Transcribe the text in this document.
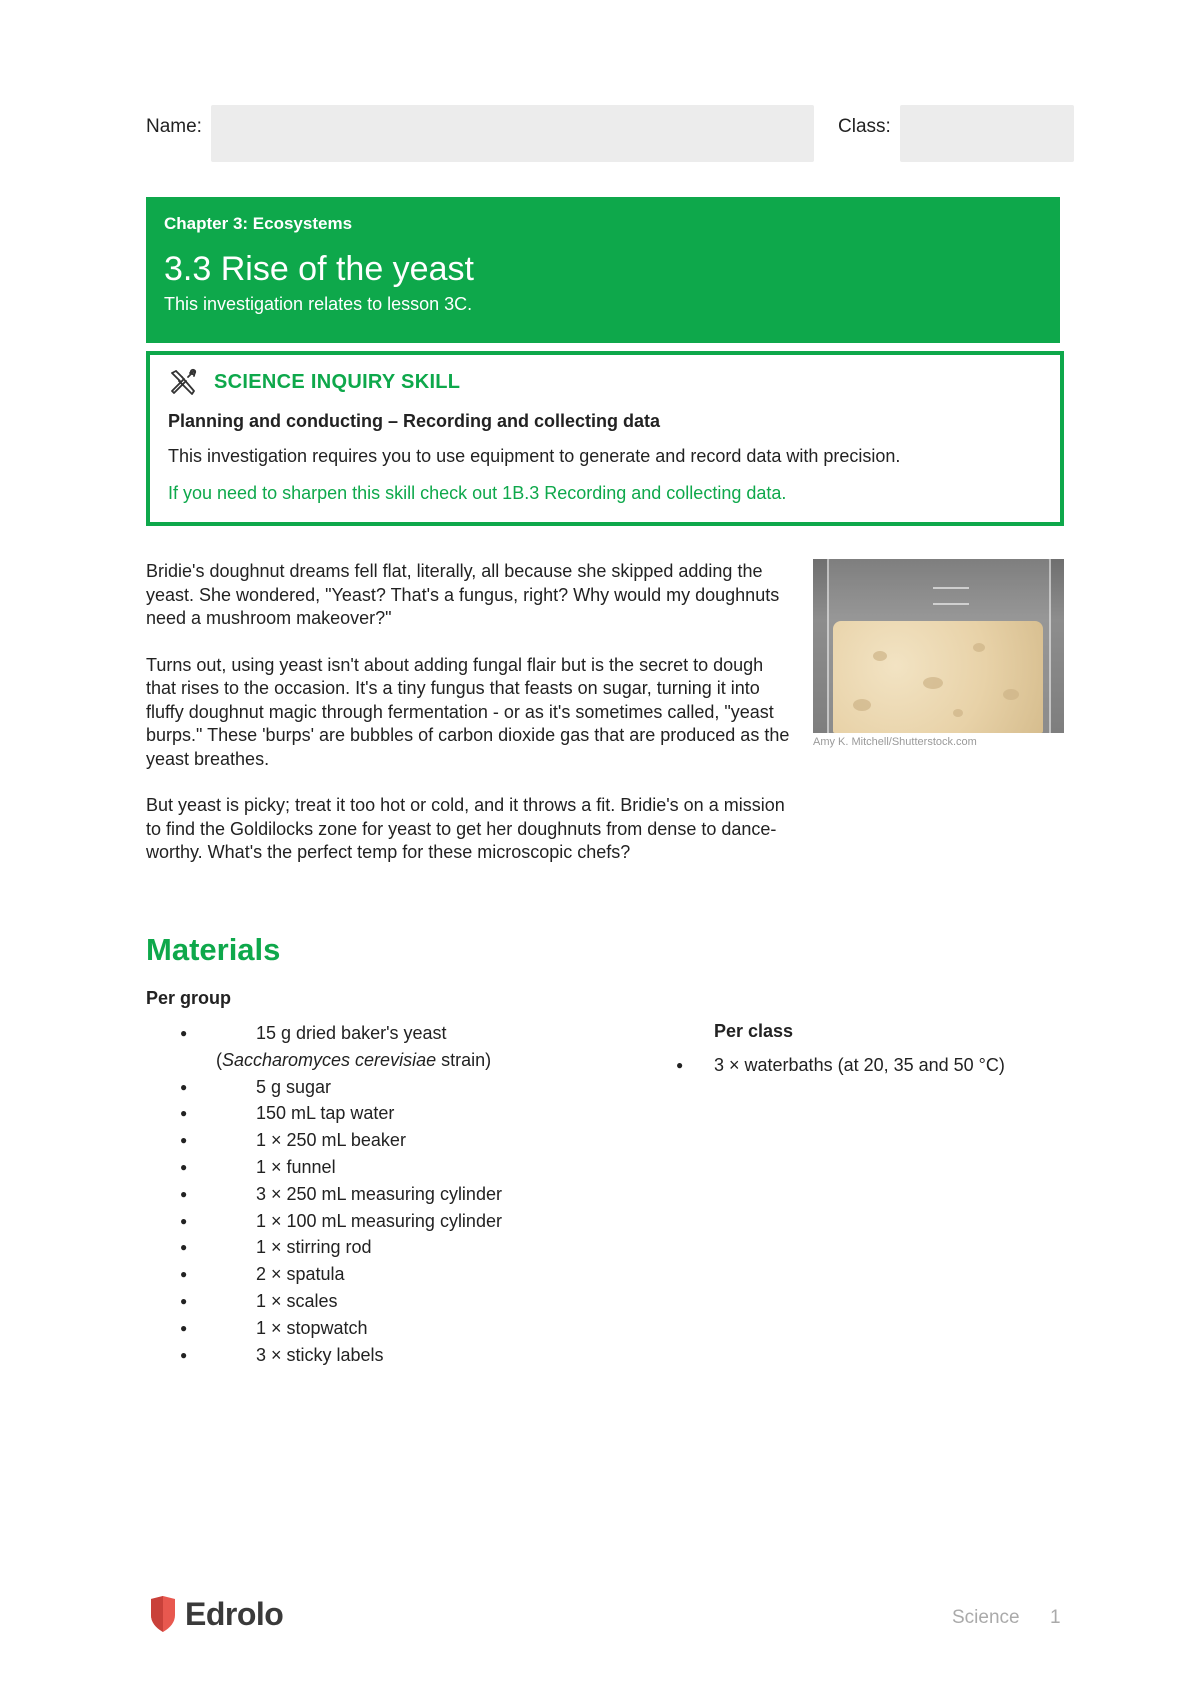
Name:	Class:
Chapter 3: Ecosystems
3.3 Rise of the yeast
This investigation relates to lesson 3C.
SCIENCE INQUIRY SKILL
Planning and conducting – Recording and collecting data
This investigation requires you to use equipment to generate and record data with precision.
If you need to sharpen this skill check out 1B.3 Recording and collecting data.

Bridie's doughnut dreams fell flat, literally, all because she skipped adding the yeast. She wondered, "Yeast? That's a fungus, right? Why would my doughnuts need a mushroom makeover?"

Turns out, using yeast isn't about adding fungal flair but is the secret to dough that rises to the occasion. It's a tiny fungus that feasts on sugar, turning it into fluffy doughnut magic through fermentation - or as it's sometimes called, "yeast burps." These 'burps' are bubbles of carbon dioxide gas that are produced as the yeast breathes.

But yeast is picky; treat it too hot or cold, and it throws a fit. Bridie's on a mission to find the Goldilocks zone for yeast to get her doughnuts from dense to dance-worthy. What's the perfect temp for these microscopic chefs?

Amy K. Mitchell/Shutterstock.com
Materials
Per group
● 15 g dried baker's yeast
(Saccharomyces cerevisiae strain)
● 5 g sugar
● 150 mL tap water
● 1 × 250 mL beaker
● 1 × funnel
● 3 × 250 mL measuring cylinder
● 1 × 100 mL measuring cylinder
● 1 × stirring rod
● 2 × spatula
● 1 × scales
● 1 × stopwatch
● 3 × sticky labels
Per class
● 3 × waterbaths (at 20, 35 and 50 °C)
Edrolo	Science 1
